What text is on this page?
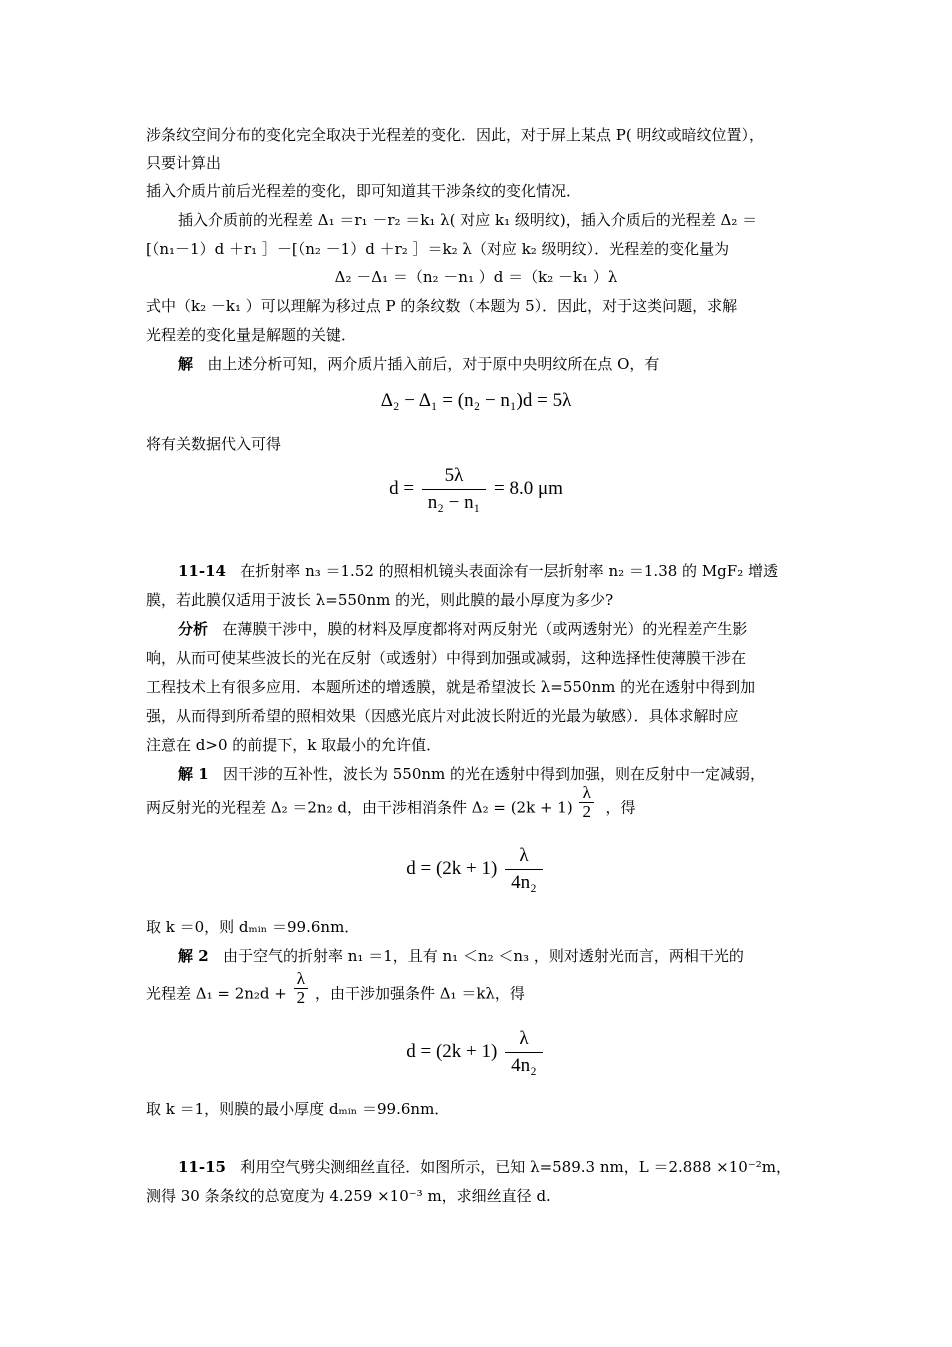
涉条纹空间分布的变化完全取决于光程差的变化．因此，对于屏上某点 P( 明纹或暗纹位置），
只要计算出
插入介质片前后光程差的变化，即可知道其干涉条纹的变化情况．
插入介质前的光程差 Δ₁ ＝r₁ －r₂ ＝k₁ λ( 对应 k₁ 级明纹)，插入介质后的光程差 Δ₂ ＝
[（n₁－1）d ＋r₁ ］－[（n₂ －1）d ＋r₂ ］＝k₂ λ（对应 k₂ 级明纹）．光程差的变化量为
Δ₂ －Δ₁ ＝（n₂ －n₁ ）d ＝（k₂ －k₁ ）λ
式中（k₂ －k₁ ）可以理解为移过点 P 的条纹数（本题为 5）．因此，对于这类问题，求解
光程差的变化量是解题的关键．
解 由上述分析可知，两介质片插入前后，对于原中央明纹所在点 O，有
Δ₂ − Δ₁ = (n₂ − n₁)d = 5λ
将有关数据代入可得
$d = \frac{5\lambda}{\text{n₂ − n₁}} = 8.0$ μm
11-14 在折射率 n₃ ＝1.52 的照相机镜头表面涂有一层折射率 n₂ ＝1.38 的 MgF₂ 增透
膜，若此膜仅适用于波长 λ=550nm 的光，则此膜的最小厚度为多少?
分析 在薄膜干涉中，膜的材料及厚度都将对两反射光（或两透射光）的光程差产生影
响，从而可使某些波长的光在反射（或透射）中得到加强或减弱，这种选择性使薄膜干涉在
工程技术上有很多应用．本题所述的增透膜，就是希望波长 λ=550nm 的光在透射中得到加
强，从而得到所希望的照相效果（因感光底片对此波长附近的光最为敏感）．具体求解时应
注意在 d>0 的前提下，k 取最小的允许值．
解 1 因干涉的互补性，波长为 550nm 的光在透射中得到加强，则在反射中一定减弱，
两反射光的光程差 Δ₂ ＝2n₂ d，由干涉相消条件 $\Delta_2 = (2k + 1) \frac{\lambda}{2}$ ，得
$d = (2k + 1) \frac{\lambda}{\text{4n₂}}$
取 k ＝0，则 dₘᵢₙ ＝99.6nm．
解 2 由于空气的折射率 n₁ ＝1，且有 n₁ ＜n₂ ＜n₃ ，则对透射光而言，两相干光的
光程差 $\Delta_1 = 2n_2d + \frac{\lambda}{2}$ ，由干涉加强条件 Δ₁ ＝kλ，得
$d = (2k + 1) \frac{\lambda}{\text{4n₂}}$
取 k ＝1，则膜的最小厚度 dₘᵢₙ ＝99.6nm．
11-15 利用空气劈尖测细丝直径．如图所示，已知 λ=589.3 nm，L ＝2.888 ×10⁻²m，
测得 30 条条纹的总宽度为 4.259 ×10⁻³ m，求细丝直径 d.
